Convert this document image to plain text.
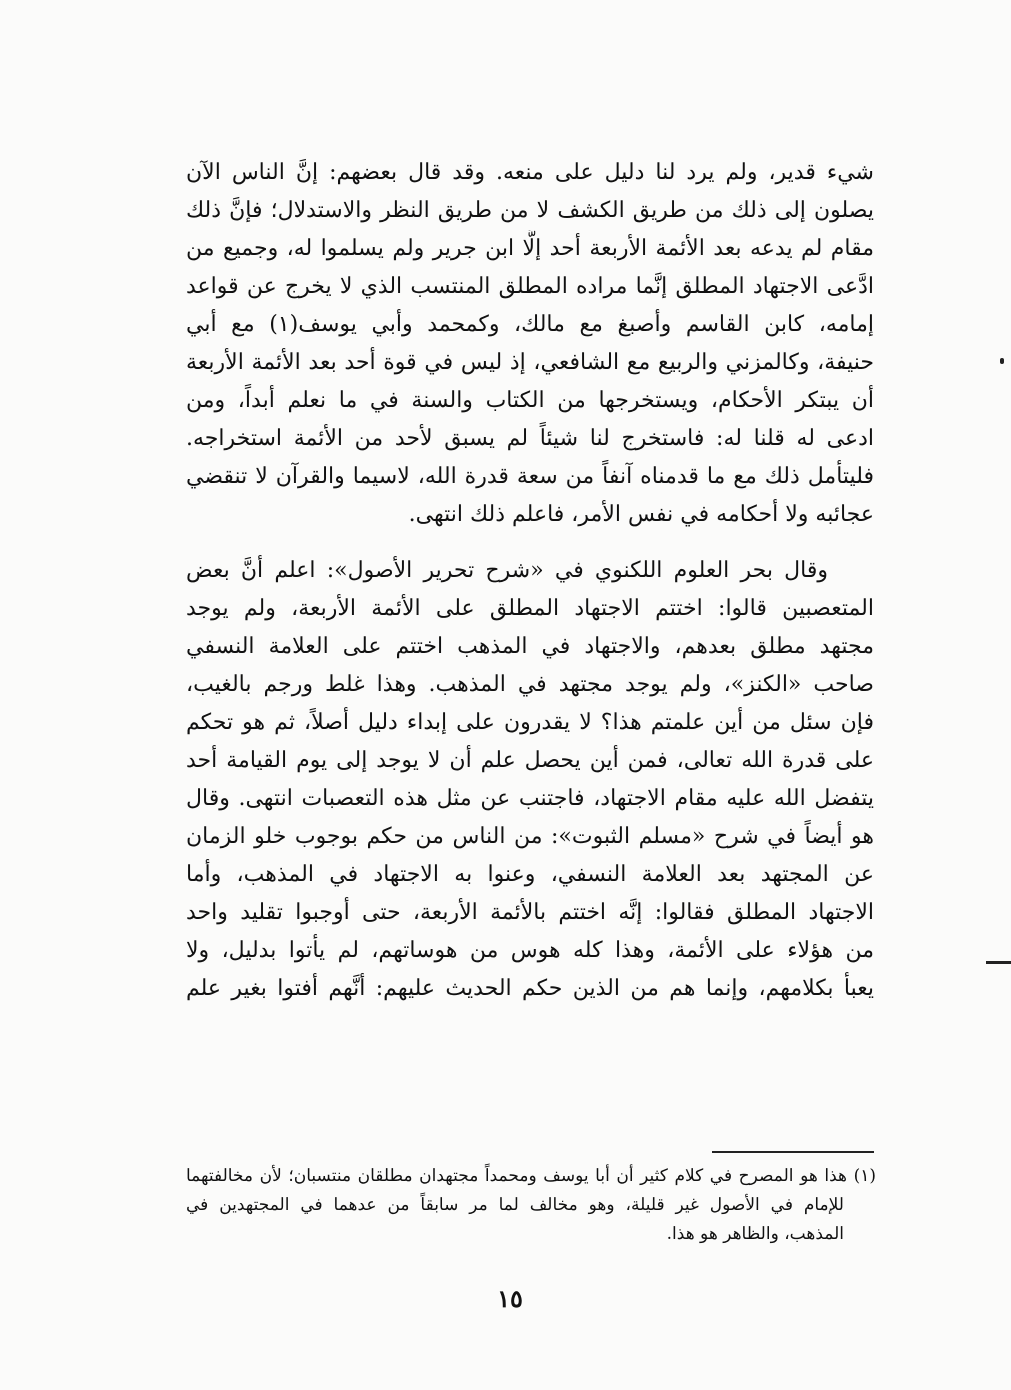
شيء قدير، ولم يرد لنا دليل على منعه. وقد قال بعضهم: إنَّ الناس الآن
يصلون إلى ذلك من طريق الكشف لا من طريق النظر والاستدلال؛ فإنَّ ذلك
مقام لم يدعه بعد الأئمة الأربعة أحد إلَّا ابن جرير ولم يسلموا له، وجميع من
ادَّعى الاجتهاد المطلق إنَّما مراده المطلق المنتسب الذي لا يخرج عن قواعد
إمامه، كابن القاسم وأصبغ مع مالك، وكمحمد وأبي يوسف(١) مع أبي
حنيفة، وكالمزني والربيع مع الشافعي، إذ ليس في قوة أحد بعد الأئمة الأربعة
أن يبتكر الأحكام، ويستخرجها من الكتاب والسنة في ما نعلم أبداً، ومن
ادعى له قلنا له: فاستخرج لنا شيئاً لم يسبق لأحد من الأئمة استخراجه.
فليتأمل ذلك مع ما قدمناه آنفاً من سعة قدرة الله، لاسيما والقرآن لا تنقضي
عجائبه ولا أحكامه في نفس الأمر، فاعلم ذلك انتهى.
وقال بحر العلوم اللكنوي في «شرح تحرير الأصول»: اعلم أنَّ بعض
المتعصبين قالوا: اختتم الاجتهاد المطلق على الأئمة الأربعة، ولم يوجد
مجتهد مطلق بعدهم، والاجتهاد في المذهب اختتم على العلامة النسفي
صاحب «الكنز»، ولم يوجد مجتهد في المذهب. وهذا غلط ورجم بالغيب،
فإن سئل من أين علمتم هذا؟ لا يقدرون على إبداء دليل أصلاً، ثم هو تحكم
على قدرة الله تعالى، فمن أين يحصل علم أن لا يوجد إلى يوم القيامة أحد
يتفضل الله عليه مقام الاجتهاد، فاجتنب عن مثل هذه التعصبات انتهى. وقال
هو أيضاً في شرح «مسلم الثبوت»: من الناس من حكم بوجوب خلو الزمان
عن المجتهد بعد العلامة النسفي، وعنوا به الاجتهاد في المذهب، وأما
الاجتهاد المطلق فقالوا: إنَّه اختتم بالأئمة الأربعة، حتى أوجبوا تقليد واحد
من هؤلاء على الأئمة، وهذا كله هوس من هوساتهم، لم يأتوا بدليل، ولا
يعبأ بكلامهم، وإنما هم من الذين حكم الحديث عليهم: أنَّهم أفتوا بغير علم
(١) هذا هو المصرح في كلام كثير أن أبا يوسف ومحمداً مجتهدان مطلقان منتسبان؛ لأن مخالفتهما
للإمام في الأصول غير قليلة، وهو مخالف لما مر سابقاً من عدهما في المجتهدين في
المذهب، والظاهر هو هذا.
١٥
